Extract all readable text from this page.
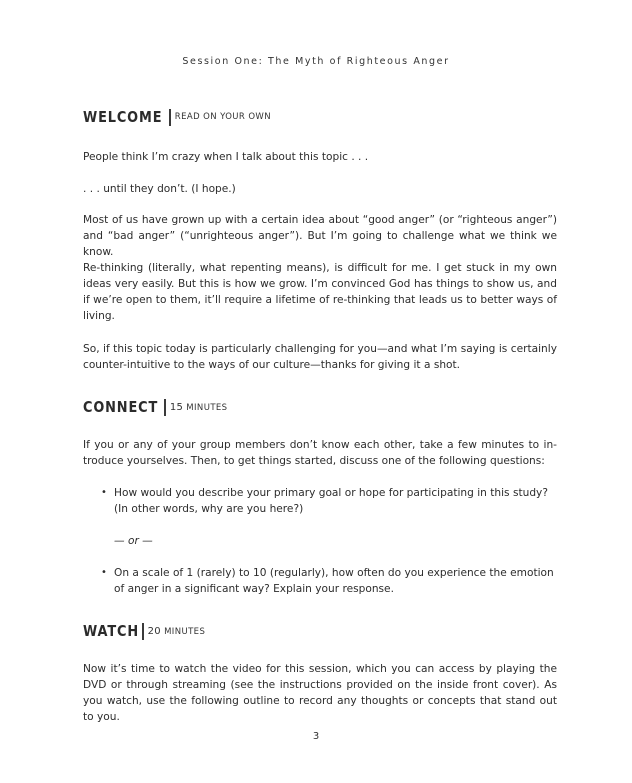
Session One: The Myth of Righteous Anger
WELCOME READ ON YOUR OWN

People think I’m crazy when I talk about this topic . . .

. . . until they don’t. (I hope.)

Most of us have grown up with a certain idea about “good anger” (or “righteous anger”) and “bad anger” (“unrighteous anger”). But I’m going to challenge what we think we know.

Re-thinking (literally, what repenting means), is difficult for me. I get stuck in my own ideas very easily. But this is how we grow. I’m convinced God has things to show us, and if we’re open to them, it’ll require a lifetime of re-thinking that leads us to better ways of living.

So, if this topic today is particularly challenging for you—and what I’m saying is certainly counter-intuitive to the ways of our culture—thanks for giving it a shot.

CONNECT 15 MINUTES

If you or any of your group members don’t know each other, take a few minutes to in-troduce yourselves. Then, to get things started, discuss one of the following questions:

• How would you describe your primary goal or hope for participating in this study? (In other words, why are you here?)
— or —
• On a scale of 1 (rarely) to 10 (regularly), how often do you experience the emotion of anger in a significant way? Explain your response.
WATCH 20 MINUTES

Now it’s time to watch the video for this session, which you can access by playing the DVD or through streaming (see the instructions provided on the inside front cover). As you watch, use the following outline to record any thoughts or concepts that stand out to you.

3
